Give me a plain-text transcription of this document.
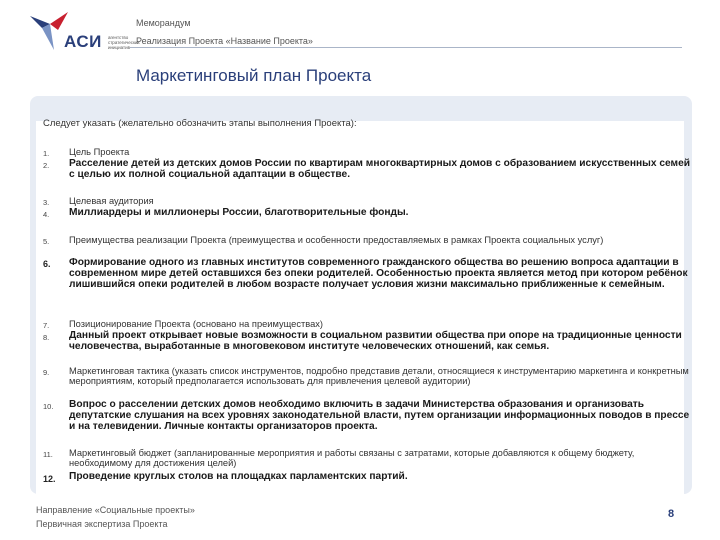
АСИ агентство стратегических инициатив
Меморандум
Реализация Проекта «Название Проекта»
Маркетинговый план Проекта
Следует указать (желательно обозначить этапы выполнения Проекта):
1. Цель Проекта
2. Расселение детей из детских домов России по квартирам многоквартирных домов с образованием искусственных семей с целью их полной социальной адаптации в обществе.
3. Целевая аудитория
4. Миллиардеры и миллионеры России, благотворительные фонды.
5. Преимущества реализации Проекта (преимущества и особенности предоставляемых в рамках Проекта социальных услуг)
6. Формирование одного из главных институтов современного гражданского общества во решению вопроса адаптации в современном мире детей оставшихся без опеки родителей. Особенностью проекта является метод при котором ребёнок лишившийся опеки родителей в любом возрасте получает условия жизни максимально приближенные к семейным.
7. Позиционирование Проекта (основано на преимуществах)
8. Данный проект открывает новые возможности в социальном развитии общества при опоре на традиционные ценности человечества, выработанные в многовековом институте человеческих отношений, как семья.
9. Маркетинговая тактика (указать список инструментов, подробно представив детали, относящиеся к инструментарию маркетинга и конкретным мероприятиям, который предполагается использовать для привлечения целевой аудитории)
10. Вопрос о расселении детских домов необходимо включить в задачи Министерства образования и организовать депутатские слушания на всех уровнях законодательной власти, путем организации информационных поводов в прессе и на телевидении. Личные контакты организаторов проекта.
11. Маркетинговый бюджет (запланированные мероприятия и работы связаны с затратами, которые добавляются к общему бюджету, необходимому для достижения целей)
12. Проведение круглых столов на площадках парламентских партий.
Направление «Социальные проекты»
Первичная экспертиза Проекта
8
